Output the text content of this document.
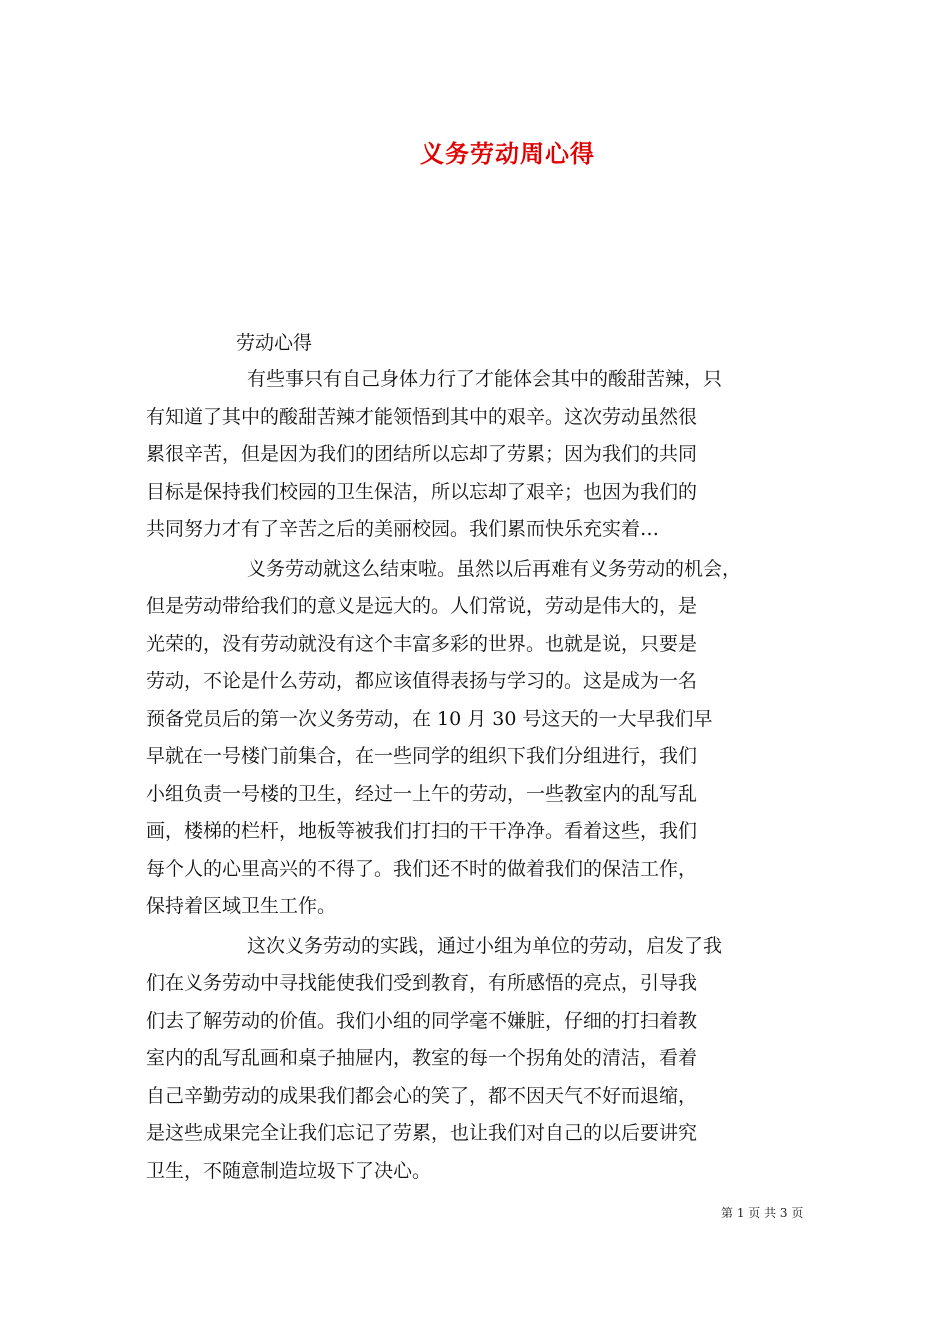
义务劳动周心得
劳动心得
有些事只有自己身体力行了才能体会其中的酸甜苦辣，只
有知道了其中的酸甜苦辣才能领悟到其中的艰辛。这次劳动虽然很
累很辛苦，但是因为我们的团结所以忘却了劳累；因为我们的共同
目标是保持我们校园的卫生保洁，所以忘却了艰辛；也因为我们的
共同努力才有了辛苦之后的美丽校园。我们累而快乐充实着…
义务劳动就这么结束啦。虽然以后再难有义务劳动的机会，
但是劳动带给我们的意义是远大的。人们常说，劳动是伟大的，是
光荣的，没有劳动就没有这个丰富多彩的世界。也就是说，只要是
劳动，不论是什么劳动，都应该值得表扬与学习的。这是成为一名
预备党员后的第一次义务劳动，在 10 月 30 号这天的一大早我们早
早就在一号楼门前集合，在一些同学的组织下我们分组进行，我们
小组负责一号楼的卫生，经过一上午的劳动，一些教室内的乱写乱
画，楼梯的栏杆，地板等被我们打扫的干干净净。看着这些，我们
每个人的心里高兴的不得了。我们还不时的做着我们的保洁工作，
保持着区域卫生工作。
这次义务劳动的实践，通过小组为单位的劳动，启发了我
们在义务劳动中寻找能使我们受到教育，有所感悟的亮点，引导我
们去了解劳动的价值。我们小组的同学毫不嫌脏，仔细的打扫着教
室内的乱写乱画和桌子抽屉内，教室的每一个拐角处的清洁，看着
自己辛勤劳动的成果我们都会心的笑了，都不因天气不好而退缩，
是这些成果完全让我们忘记了劳累，也让我们对自己的以后要讲究
卫生，不随意制造垃圾下了决心。
第 1 页 共 3 页
